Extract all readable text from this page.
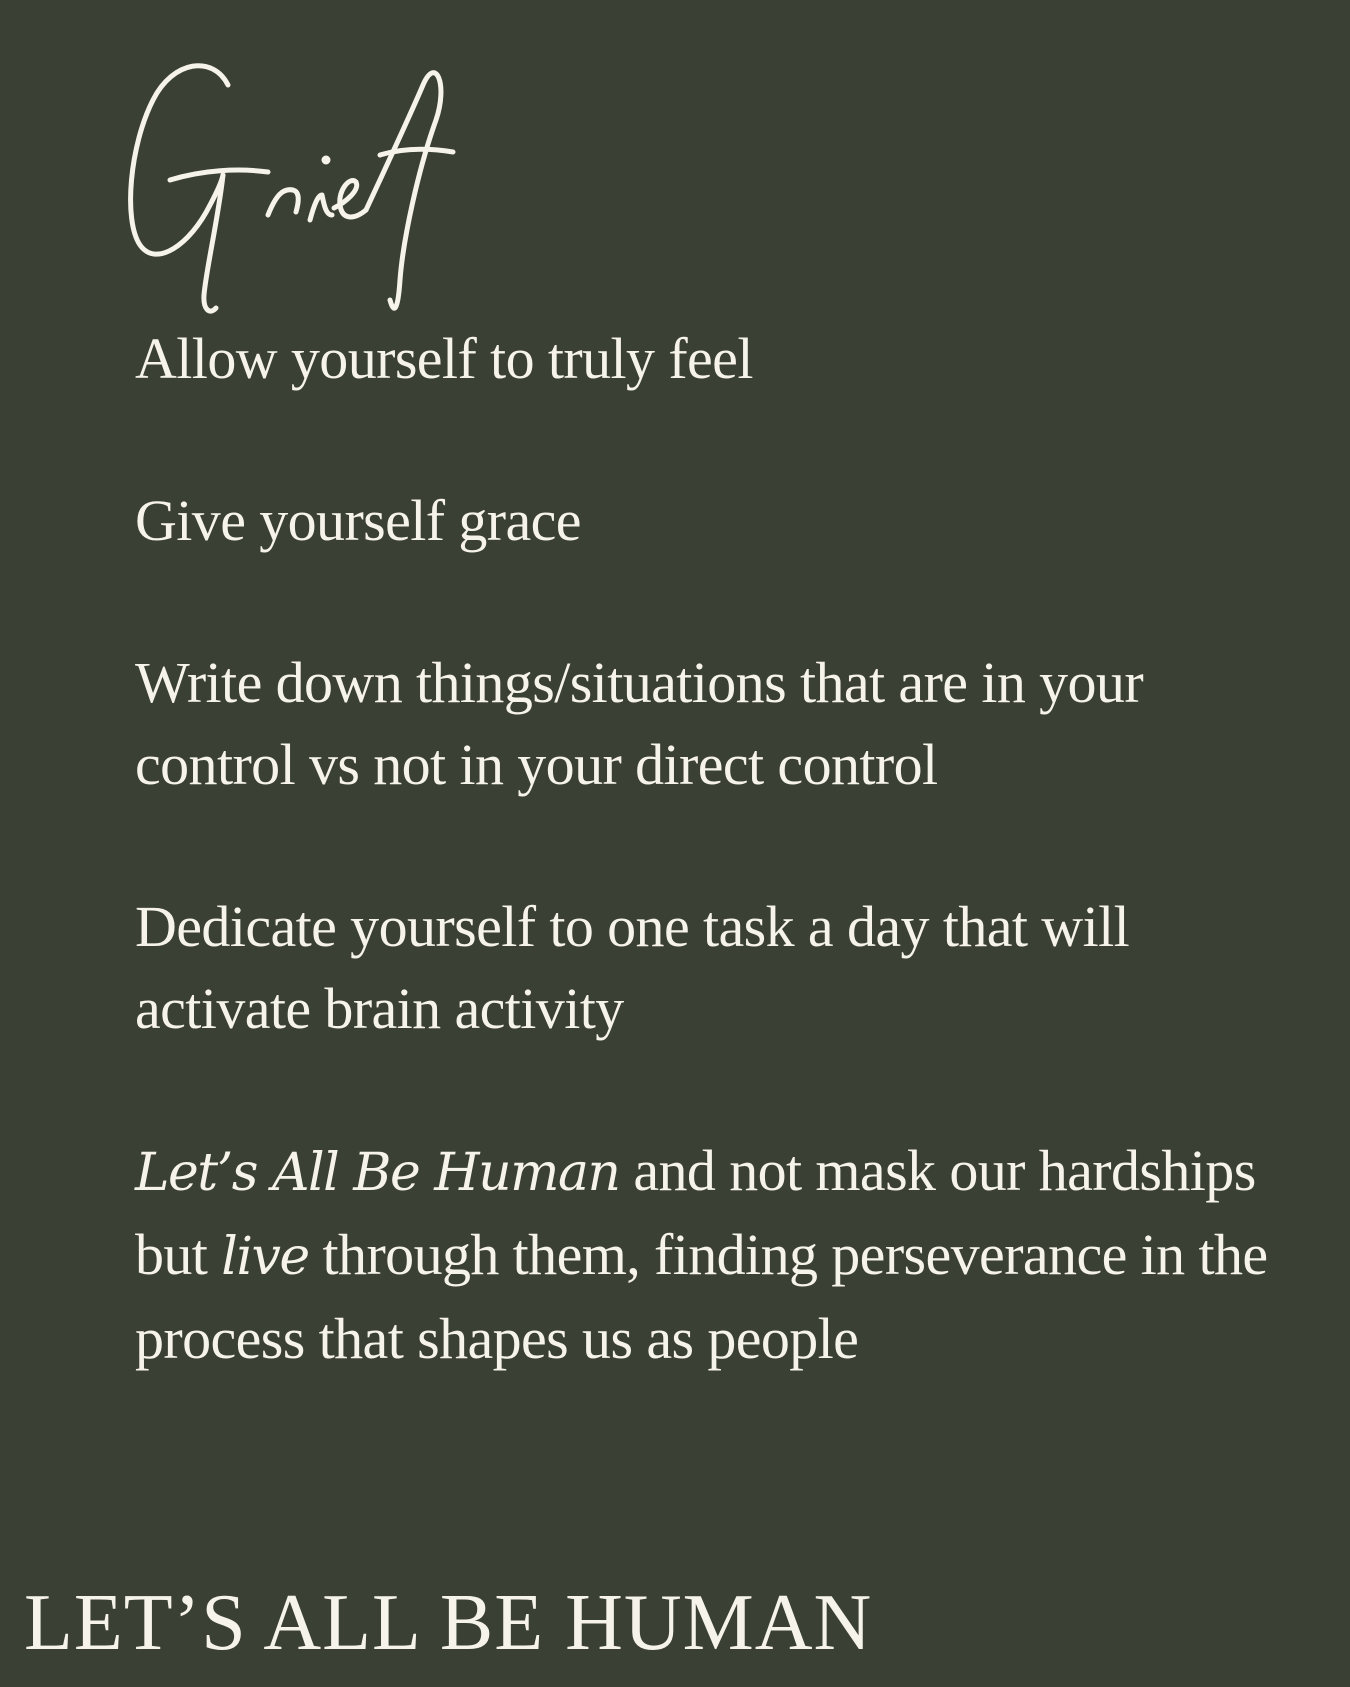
Allow yourself to truly feel

Give yourself grace

Write down things/situations that are in your control vs not in your direct control

Dedicate yourself to one task a day that will activate brain activity

Let’s All Be Human and not mask our hardships but live through them, finding perseverance in the process that shapes us as people

LET’S ALL BE HUMAN
